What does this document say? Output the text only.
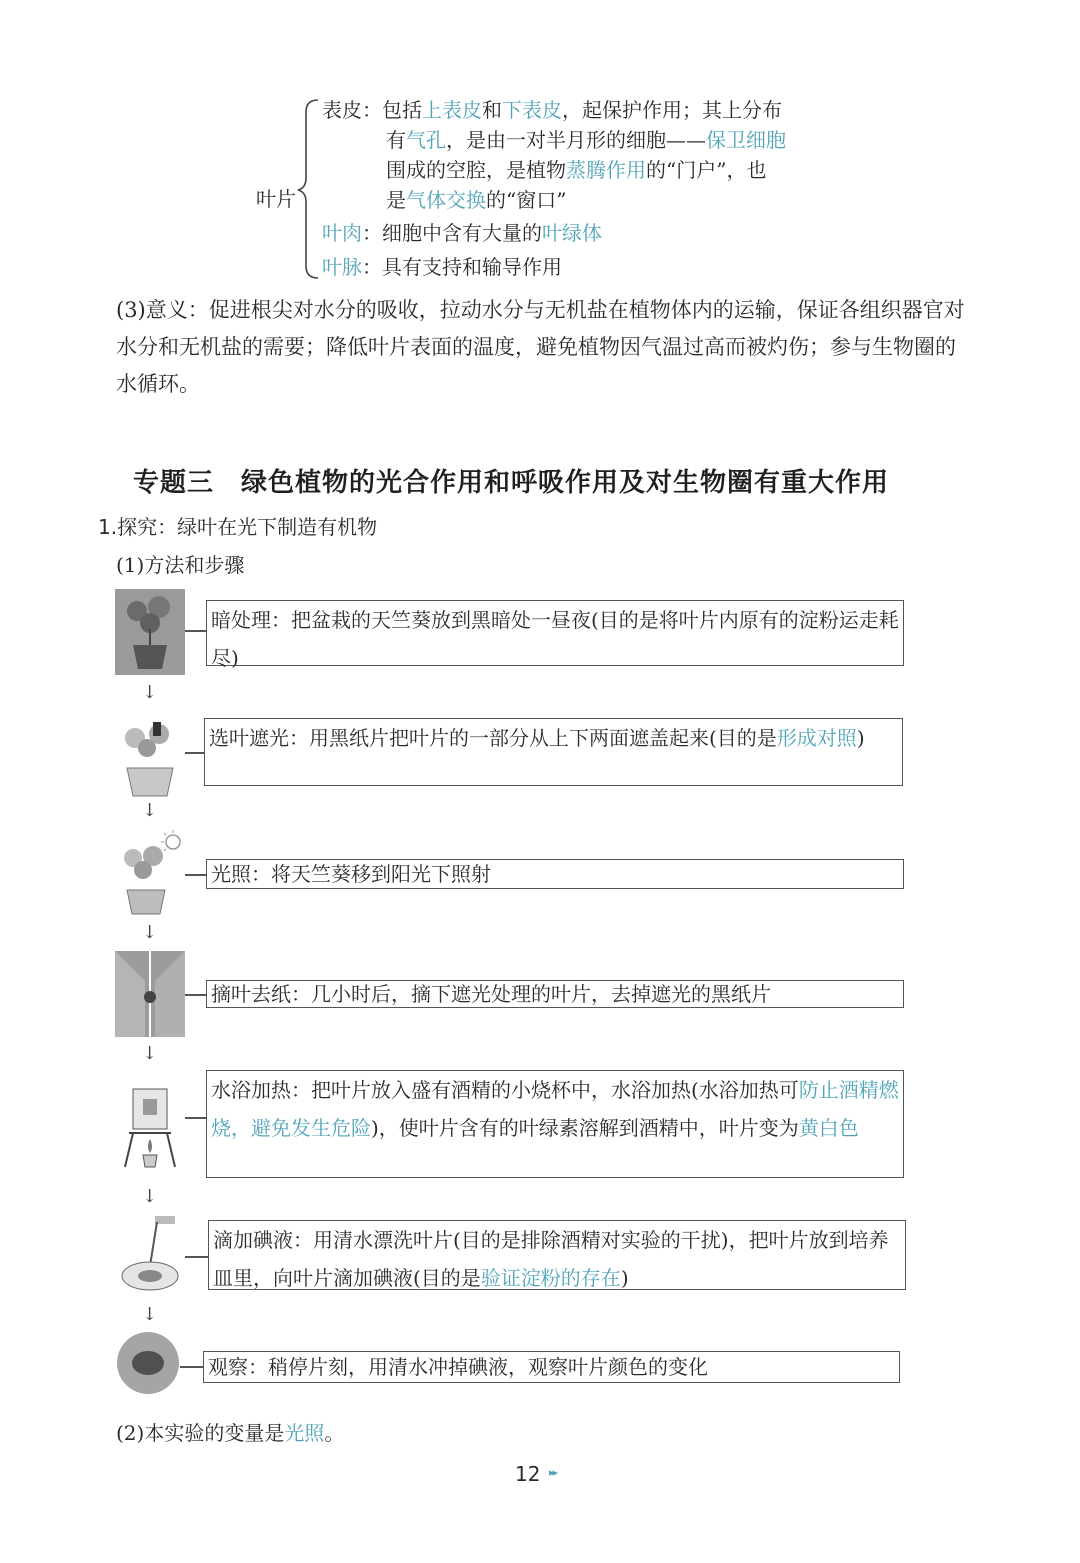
叶片
表皮：包括上表皮和下表皮，起保护作用；其上分布
有气孔，是由一对半月形的细胞——保卫细胞
围成的空腔，是植物蒸腾作用的“门户”，也
是气体交换的“窗口”
叶肉：细胞中含有大量的叶绿体
叶脉：具有支持和输导作用
(3)意义：促进根尖对水分的吸收，拉动水分与无机盐在植物体内的运输，保证各组织器官对水分和无机盐的需要；降低叶片表面的温度，避免植物因气温过高而被灼伤；参与生物圈的水循环。
专题三　绿色植物的光合作用和呼吸作用及对生物圈有重大作用
1.探究：绿叶在光下制造有机物
(1)方法和步骤
暗处理：把盆栽的天竺葵放到黑暗处一昼夜(目的是将叶片内原有的淀粉运走耗尽)
↓
选叶遮光：用黑纸片把叶片的一部分从上下两面遮盖起来(目的是形成对照)
↓
光照：将天竺葵移到阳光下照射
↓
摘叶去纸：几小时后，摘下遮光处理的叶片，去掉遮光的黑纸片
↓
水浴加热：把叶片放入盛有酒精的小烧杯中，水浴加热(水浴加热可防止酒精燃烧，避免发生危险)，使叶片含有的叶绿素溶解到酒精中，叶片变为黄白色
↓
滴加碘液：用清水漂洗叶片(目的是排除酒精对实验的干扰)，把叶片放到培养皿里，向叶片滴加碘液(目的是验证淀粉的存在)
↓
观察：稍停片刻，用清水冲掉碘液，观察叶片颜色的变化
(2)本实验的变量是光照。
12 ▸▸
